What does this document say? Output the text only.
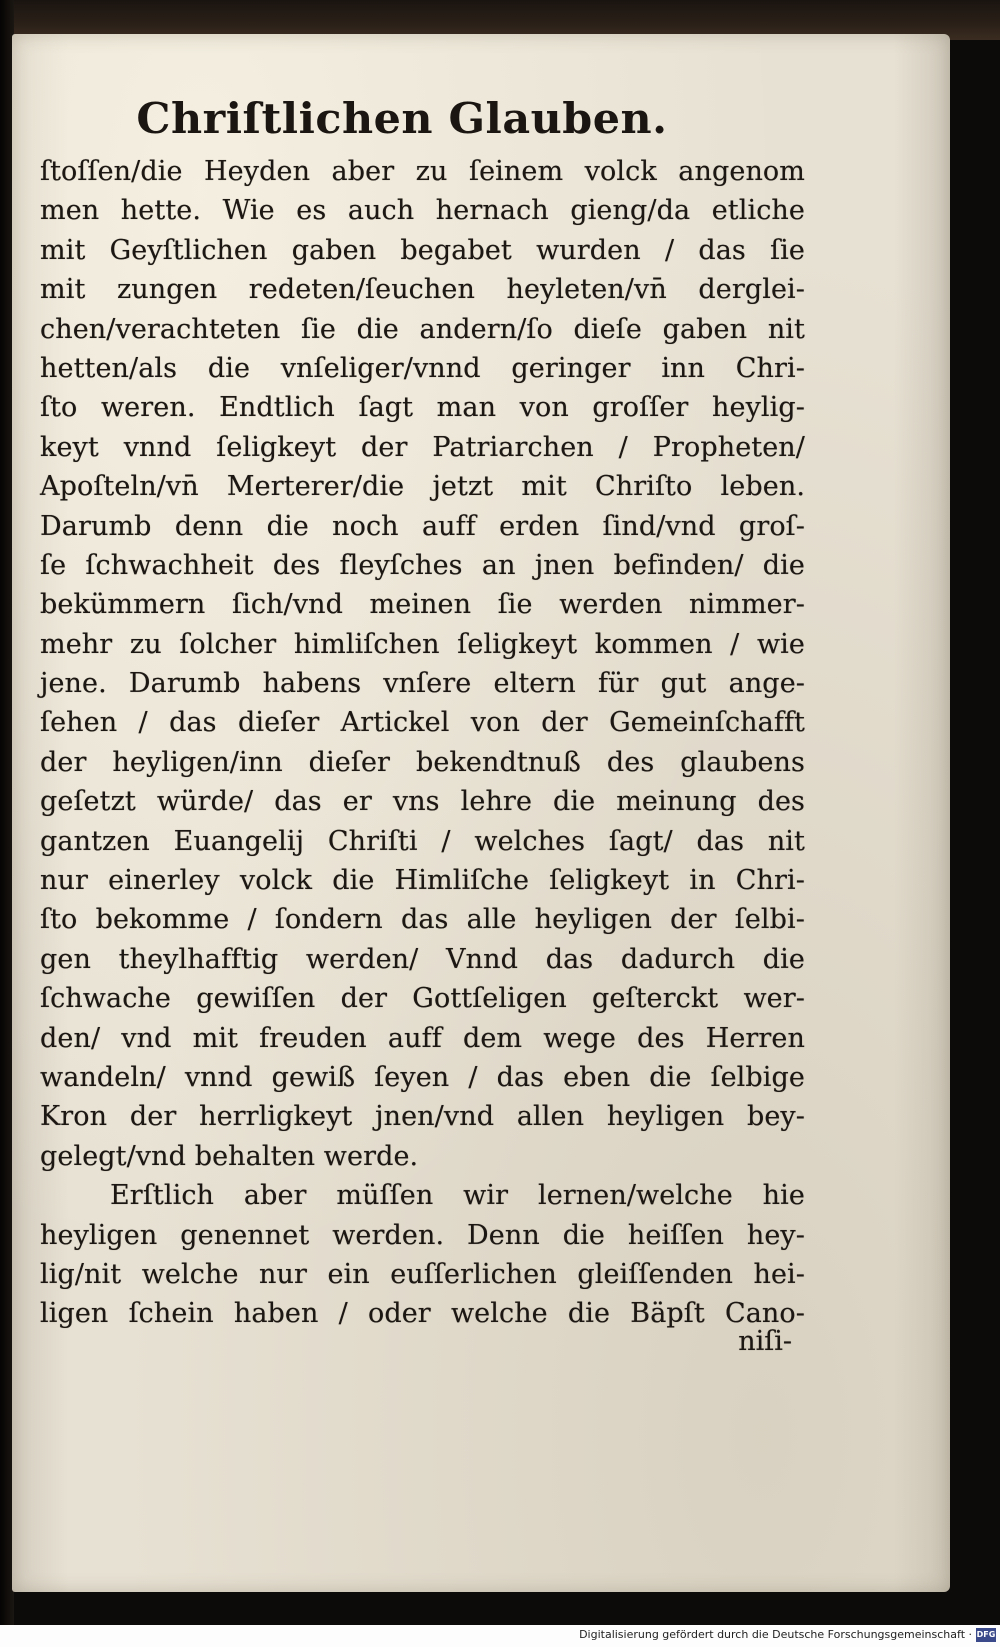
Chriſtlichen Glauben.
ſtoſſen/die Heyden aber zu ſeinem volck angenom
men hette. Wie es auch hernach gieng/da etliche
mit Geyſtlichen gaben begabet wurden / das ſie
mit zungen redeten/ſeuchen heyleten/vn̄ derglei-
chen/verachteten ſie die andern/ſo dieſe gaben nit
hetten/als die vnſeliger/vnnd geringer inn Chri-
ſto weren. Endtlich ſagt man von groſſer heylig-
keyt vnnd ſeligkeyt der Patriarchen / Propheten/
Apoſteln/vn̄ Merterer/die jetzt mit Chriſto leben.
Darumb denn die noch auff erden ſind/vnd groſ-
ſe ſchwachheit des fleyſches an jnen befinden/ die
bekümmern ſich/vnd meinen ſie werden nimmer-
mehr zu ſolcher himliſchen ſeligkeyt kommen / wie
jene. Darumb habens vnſere eltern für gut ange-
ſehen / das dieſer Artickel von der Gemeinſchafft
der heyligen/inn dieſer bekendtnuß des glaubens
geſetzt würde/ das er vns lehre die meinung des
gantzen Euangelij Chriſti / welches ſagt/ das nit
nur einerley volck die Himliſche ſeligkeyt in Chri-
ſto bekomme / ſondern das alle heyligen der ſelbi-
gen theylhafftig werden/ Vnnd das dadurch die
ſchwache gewiſſen der Gottſeligen geſterckt wer-
den/ vnd mit freuden auff dem wege des Herren
wandeln/ vnnd gewiß ſeyen / das eben die ſelbige
Kron der herrligkeyt jnen/vnd allen heyligen bey-
gelegt/vnd behalten werde.
Erſtlich aber müſſen wir lernen/welche hie
heyligen genennet werden. Denn die heiſſen hey-
lig/nit welche nur ein euſſerlichen gleiſſenden hei-
ligen ſchein haben / oder welche die Bäpſt Cano-
niſi-
Digitalisierung gefördert durch die Deutsche Forschungsgemeinschaft · DFG
